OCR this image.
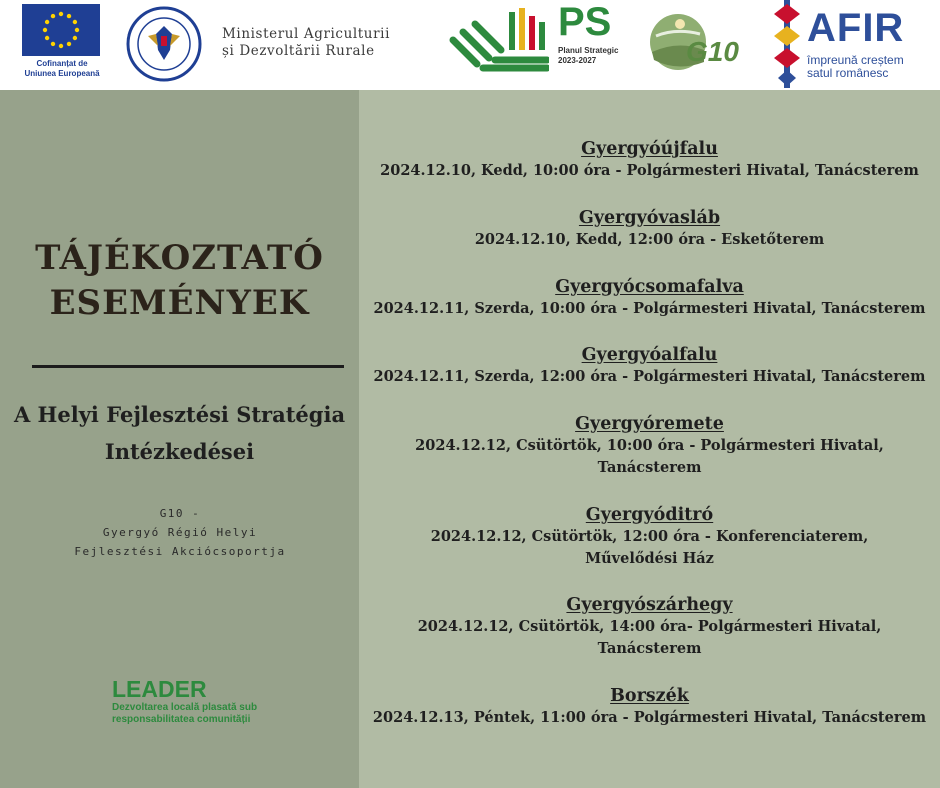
Cofinanțat de
Uniunea Europeană
Ministerul Agriculturii
și Dezvoltării Rurale
PS
Planul Strategic
2023-2027	G10
AFIR
împreună creștem
satul românesc
TÁJÉKOZTATÓ
ESEMÉNYEK
A Helyi Fejlesztési Stratégia
Intézkedései
G10 -
Gyergyó Régió Helyi
Fejlesztési Akciócsoportja
LEADER
Dezvoltarea locală plasată sub
responsabilitatea comunității
Gyergyóújfalu
2024.12.10, Kedd, 10:00 óra - Polgármesteri Hivatal, Tanácsterem
Gyergyóvasláb
2024.12.10, Kedd, 12:00 óra - Esketőterem
Gyergyócsomafalva
2024.12.11, Szerda, 10:00 óra - Polgármesteri Hivatal, Tanácsterem
Gyergyóalfalu
2024.12.11, Szerda, 12:00 óra - Polgármesteri Hivatal, Tanácsterem
Gyergyóremete
2024.12.12, Csütörtök, 10:00 óra - Polgármesteri Hivatal, Tanácsterem
Gyergyóditró
2024.12.12, Csütörtök, 12:00 óra - Konferenciaterem, Művelődési Ház
Gyergyószárhegy
2024.12.12, Csütörtök, 14:00 óra- Polgármesteri Hivatal, Tanácsterem
Borszék
2024.12.13, Péntek, 11:00 óra - Polgármesteri Hivatal, Tanácsterem
